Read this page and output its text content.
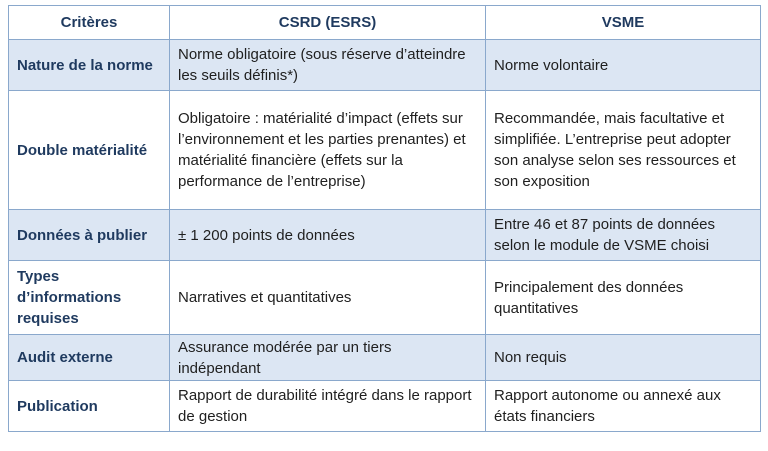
Critères	CSRD (ESRS)	VSME
Nature de la norme	Norme obligatoire (sous réserve d’atteindre les seuils définis*)	Norme volontaire
Double matérialité	Obligatoire : matérialité d’impact (effets sur l’environnement et les parties prenantes) et matérialité financière (effets sur la performance de l’entreprise)	Recommandée, mais facultative et simplifiée. L’entreprise peut adopter son analyse selon ses ressources et son exposition
Données à publier	± 1 200 points de données	Entre 46 et 87 points de données selon le module de VSME choisi
Types d’informations requises	Narratives et quantitatives	Principalement des données quantitatives
Audit externe	Assurance modérée par un tiers indépendant	Non requis
Publication	Rapport de durabilité intégré dans le rapport de gestion	Rapport autonome ou annexé aux états financiers
